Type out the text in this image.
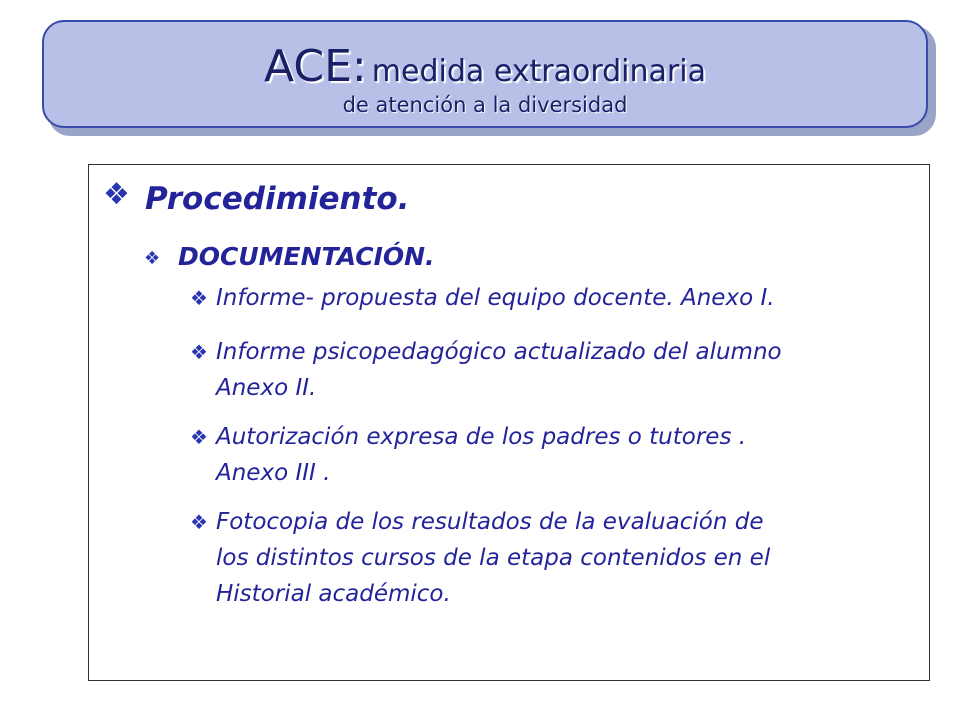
ACE: medida extraordinaria
de atención a la diversidad
❖ Procedimiento.
❖ DOCUMENTACIÓN.
❖ Informe- propuesta del equipo docente. Anexo I.
❖ Informe psicopedagógico actualizado del alumno
Anexo II.
❖ Autorización expresa de los padres o tutores .
Anexo III .
❖ Fotocopia de los resultados de la evaluación de
los distintos cursos de la etapa contenidos en el
Historial académico.
